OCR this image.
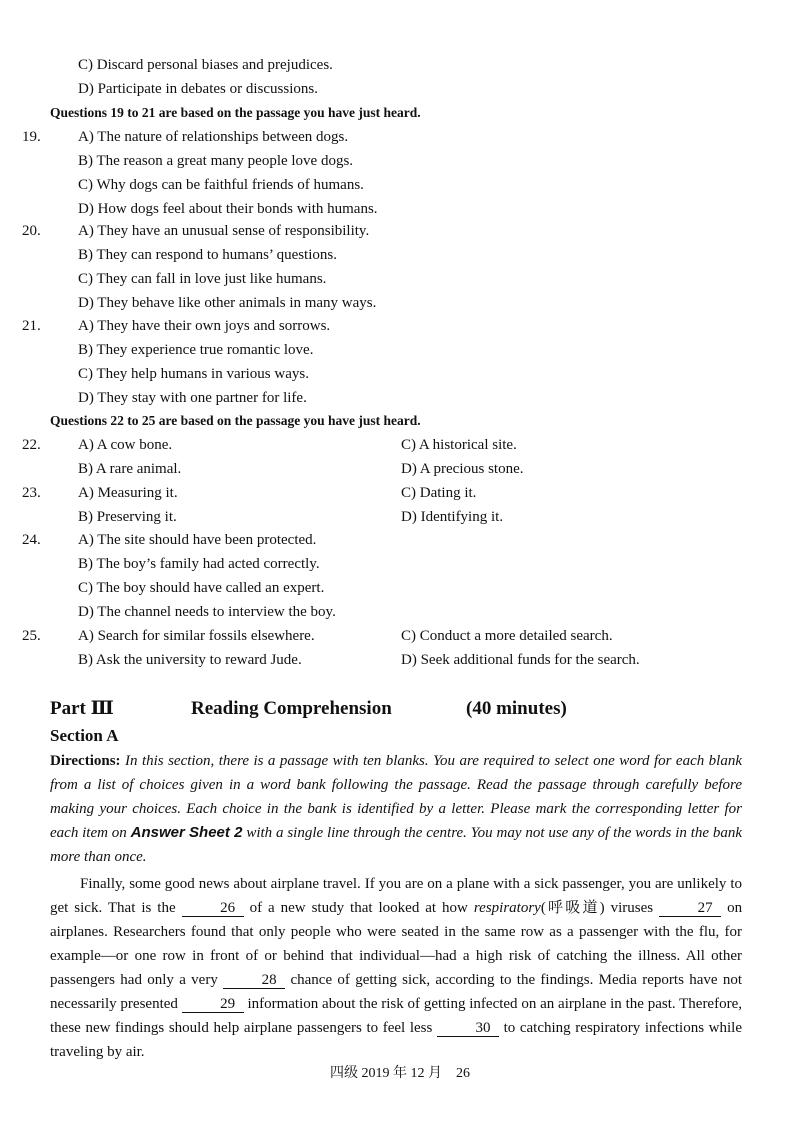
C) Discard personal biases and prejudices.
D) Participate in debates or discussions.
Questions 19 to 21 are based on the passage you have just heard.
19. A) The nature of relationships between dogs.
B) The reason a great many people love dogs.
C) Why dogs can be faithful friends of humans.
D) How dogs feel about their bonds with humans.
20. A) They have an unusual sense of responsibility.
B) They can respond to humans’ questions.
C) They can fall in love just like humans.
D) They behave like other animals in many ways.
21. A) They have their own joys and sorrows.
B) They experience true romantic love.
C) They help humans in various ways.
D) They stay with one partner for life.
Questions 22 to 25 are based on the passage you have just heard.
22. A) A cow bone.	C) A historical site.
B) A rare animal.	D) A precious stone.
23. A) Measuring it.	C) Dating it.
B) Preserving it.	D) Identifying it.
24. A) The site should have been protected.
B) The boy’s family had acted correctly.
C) The boy should have called an expert.
D) The channel needs to interview the boy.
25. A) Search for similar fossils elsewhere.	C) Conduct a more detailed search.
B) Ask the university to reward Jude.	D) Seek additional funds for the search.
Part Ⅲ	Reading Comprehension	(40 minutes)
Section A
Directions: In this section, there is a passage with ten blanks. You are required to select one word for each blank from a list of choices given in a word bank following the passage. Read the passage through carefully before making your choices. Each choice in the bank is identified by a letter. Please mark the corresponding letter for each item on Answer Sheet 2 with a single line through the centre. You may not use any of the words in the bank more than once.
Finally, some good news about airplane travel. If you are on a plane with a sick passenger, you are unlikely to get sick. That is the	26 of a new study that looked at how respiratory(呼吸道) viruses	27 on airplanes. Researchers found that only people who were seated in the same row as a passenger with the flu, for example—or one row in front of or behind that individual—had a high risk of catching the illness. All other passengers had only a very	28 chance of getting sick, according to the findings. Media reports have not necessarily presented	29 information about the risk of getting infected on an airplane in the past. Therefore, these new findings should help airplane passengers to feel less	30 to catching respiratory infections while traveling by air.
四级 2019 年 12 月　26
